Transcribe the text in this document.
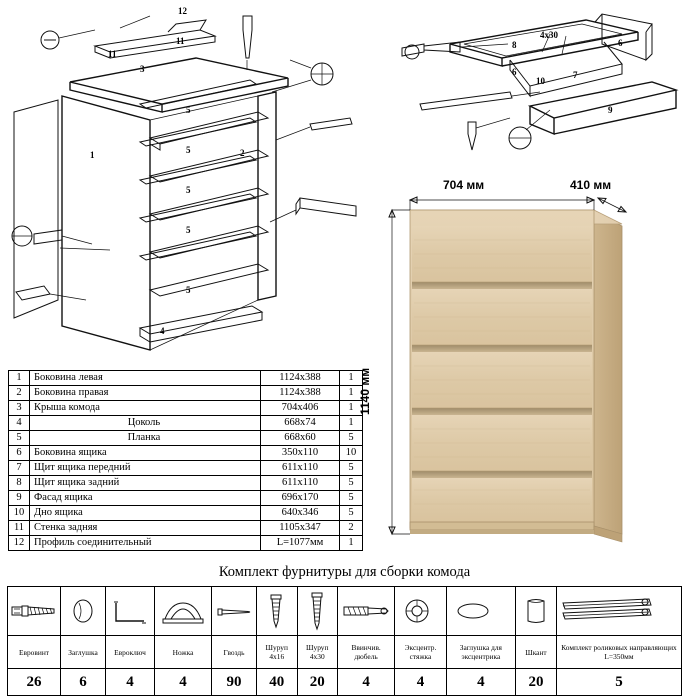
12
11
11
3
1	2
5
5
5
5
5
4
8
4х30
6
6
10
7
9
1	Боковина левая	1124х388	1
2	Боковина правая	1124х388	1
3	Крыша комода	704х406	1
4	Цоколь	668х74	1
5	Планка	668х60	5
6	Боковина ящика	350х110	10
7	Щит ящика передний	611х110	5
8	Щит ящика задний	611х110	5
9	Фасад ящика	696х170	5
10	Дно ящика	640х346	5
11	Стенка задняя	1105х347	2
12	Профиль соединительный	L=1077мм	1
704 мм	410 мм
1140 мм
Комплект фурнитуры для сборки комода

Еврoвинт	Заглушка	Еврoключ	Ножка	Гвоздь	Шуруп 4х16	Шуруп 4х30	Ввинчив. дюбель	Эксцентр. стяжка	Заглушка для эксцентрика	Шкант	Комплект роликовых направляющих L=350мм
26	6	4	4	90	40	20	4	4	4	20	5
